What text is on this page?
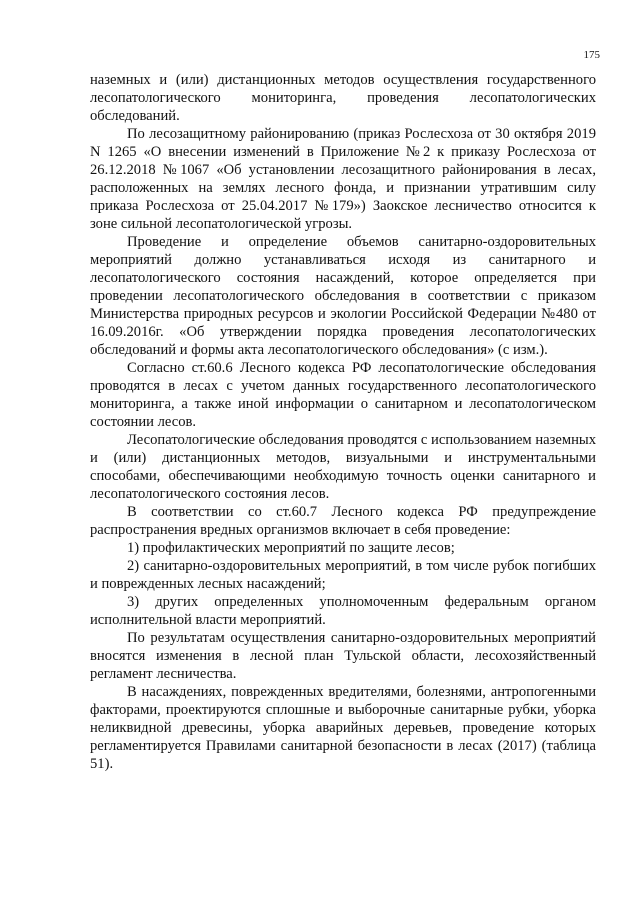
175

наземных и (или) дистанционных методов осуществления государственного лесопатологического мониторинга, проведения лесопатологических обследований.

По лесозащитному районированию (приказ Рослесхоза от 30 октября 2019 N 1265 «О внесении изменений в Приложение №2 к приказу Рослесхоза от 26.12.2018 №1067 «Об установлении лесозащитного районирования в лесах, расположенных на землях лесного фонда, и признании утратившим силу приказа Рослесхоза от 25.04.2017 №179») Заокское лесничество относится к зоне сильной лесопатологической угрозы.

Проведение и определение объемов санитарно-оздоровительных мероприятий должно устанавливаться исходя из санитарного и лесопатологического состояния насаждений, которое определяется при проведении лесопатологического обследования в соответствии с приказом Министерства природных ресурсов и экологии Российской Федерации №480 от 16.09.2016г. «Об утверждении порядка проведения лесопатологических обследований и формы акта лесопатологического обследования» (с изм.).

Согласно ст.60.6 Лесного кодекса РФ лесопатологические обследования проводятся в лесах с учетом данных государственного лесопатологического мониторинга, а также иной информации о санитарном и лесопатологическом состоянии лесов.

Лесопатологические обследования проводятся с использованием наземных и (или) дистанционных методов, визуальными и инструментальными способами, обеспечивающими необходимую точность оценки санитарного и лесопатологического состояния лесов.

В соответствии со ст.60.7 Лесного кодекса РФ предупреждение распространения вредных организмов включает в себя проведение:

1) профилактических мероприятий по защите лесов;

2) санитарно-оздоровительных мероприятий, в том числе рубок погибших и поврежденных лесных насаждений;

3) других определенных уполномоченным федеральным органом исполнительной власти мероприятий.

По результатам осуществления санитарно-оздоровительных мероприятий вносятся изменения в лесной план Тульской области, лесохозяйственный регламент лесничества.

В насаждениях, поврежденных вредителями, болезнями, антропогенными факторами, проектируются сплошные и выборочные санитарные рубки, уборка неликвидной древесины, уборка аварийных деревьев, проведение которых регламентируется Правилами санитарной безопасности в лесах (2017) (таблица 51).
